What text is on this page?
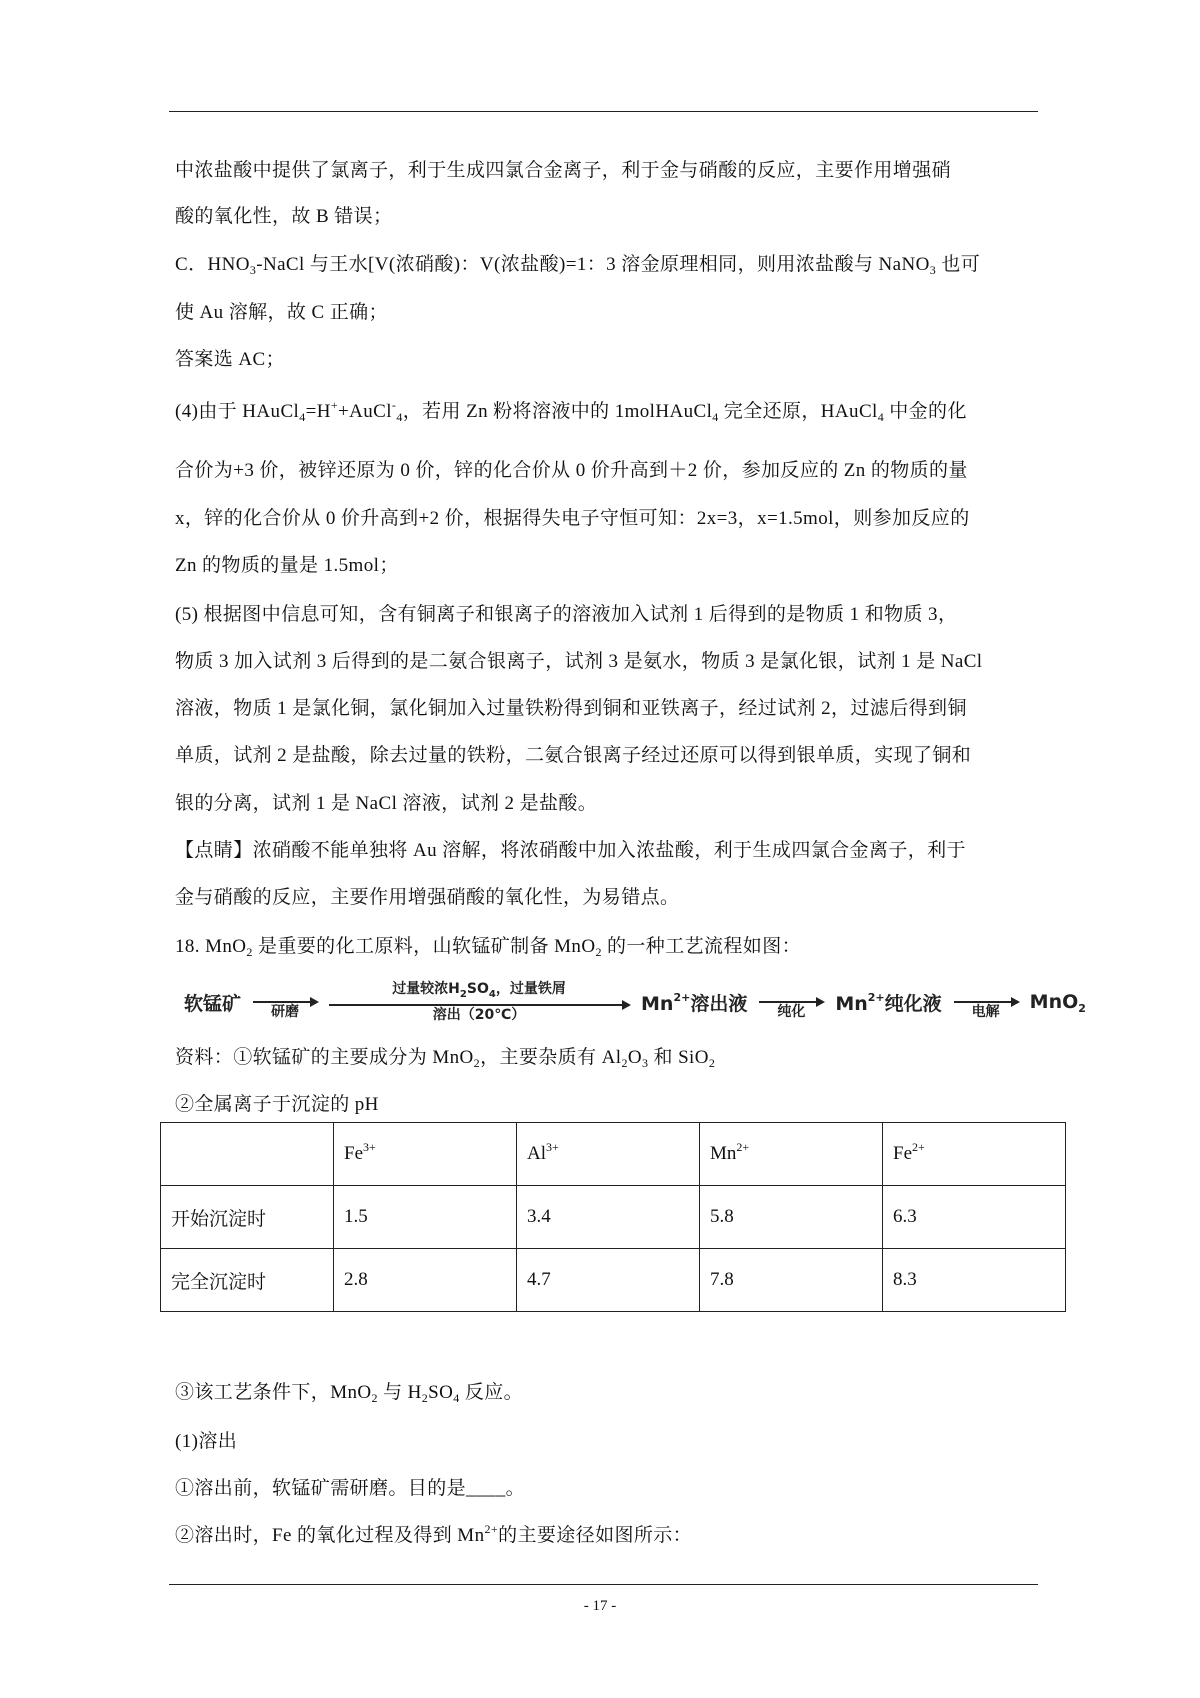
中浓盐酸中提供了氯离子，利于生成四氯合金离子，利于金与硝酸的反应，主要作用增强硝
酸的氧化性，故 B 错误；
C．$HNO_3$-NaCl 与王水[V(浓硝酸)：V(浓盐酸)=1：3 溶金原理相同，则用浓盐酸与 NaNO$_3$ 也可
使 Au 溶解，故 C 正确；
答案选 AC；
(4)由于 HAuCl$_4$=H++AuCl-$_4$，若用 Zn 粉将溶液中的 1molHAuCl$_4$ 完全还原，HAuCl$_4$ 中金的化
合价为+3 价，被锌还原为 0 价，锌的化合价从 0 价升高到＋2 价，参加反应的 Zn 的物质的量
x，锌的化合价从 0 价升高到+2 价，根据得失电子守恒可知：2x=3，x=1.5mol，则参加反应的
Zn 的物质的量是 1.5mol；
(5) 根据图中信息可知，含有铜离子和银离子的溶液加入试剂 1 后得到的是物质 1 和物质 3，
物质 3 加入试剂 3 后得到的是二氨合银离子，试剂 3 是氨水，物质 3 是氯化银，试剂 1 是 NaCl
溶液，物质 1 是氯化铜，氯化铜加入过量铁粉得到铜和亚铁离子，经过试剂 2，过滤后得到铜
单质，试剂 2 是盐酸，除去过量的铁粉，二氨合银离子经过还原可以得到银单质，实现了铜和
银的分离，试剂 1 是 NaCl 溶液，试剂 2 是盐酸。
【点睛】浓硝酸不能单独将 Au 溶解，将浓硝酸中加入浓盐酸，利于生成四氯合金离子，利于
金与硝酸的反应，主要作用增强硝酸的氧化性，为易错点。
18. MnO$_2$ 是重要的化工原料，山软锰矿制备 MnO$_2$ 的一种工艺流程如图：
资料：①软锰矿的主要成分为 MnO$_2$，主要杂质有 $Al_2O_3$ 和 SiO$_2$
②全属离子于沉淀的 pH
③该工艺条件下，MnO$_2$ 与 $H_2SO_4$ 反应。
(1)溶出
①溶出前，软锰矿需研磨。目的是____。
②溶出时，Fe 的氧化过程及得到 $Mn^{2+}$的主要途径如图所示：
软锰矿
研磨
过量较浓$H_2SO_4$，过量铁屑
溶出（20℃）
$Mn^{2+}$溶出液
纯化 $Mn^{2+}$纯化液
电解 MnO$_2$
	$Fe^{3+}$	$Al^{3+}$	$Mn^{2+}$	$Fe^{2+}$
开始沉淀时	1.5	3.4	5.8	6.3
完全沉淀时	2.8	4.7	7.8	8.3
- 17 -
